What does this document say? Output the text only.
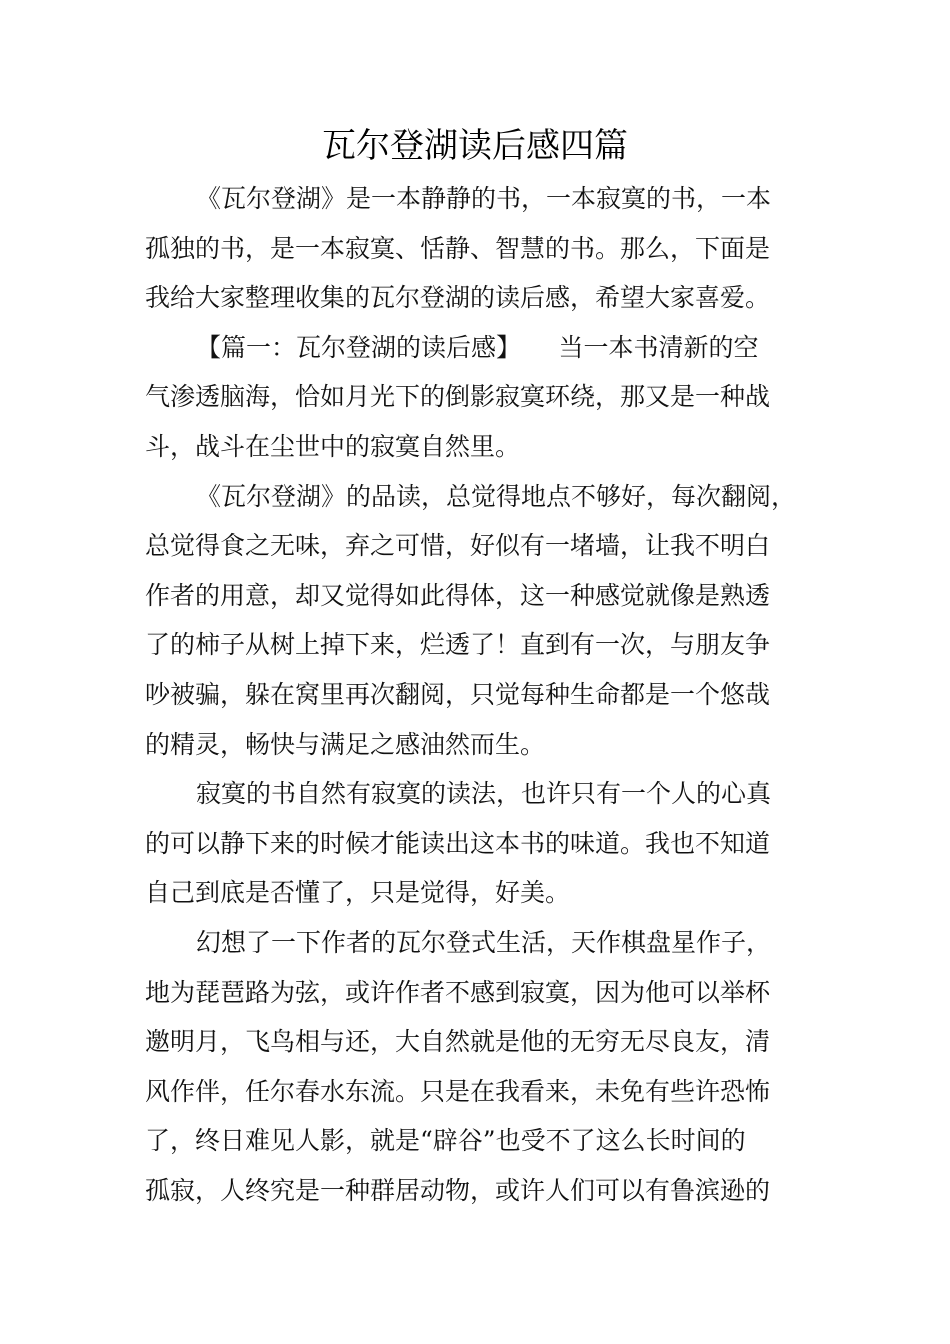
瓦尔登湖读后感四篇
《瓦尔登湖》是一本静静的书，一本寂寞的书，一本
孤独的书，是一本寂寞、恬静、智慧的书。那么，下面是
我给大家整理收集的瓦尔登湖的读后感，希望大家喜爱。
【篇一：瓦尔登湖的读后感】　　当一本书清新的空
气渗透脑海，恰如月光下的倒影寂寞环绕，那又是一种战
斗，战斗在尘世中的寂寞自然里。
《瓦尔登湖》的品读，总觉得地点不够好，每次翻阅，
总觉得食之无味，弃之可惜，好似有一堵墙，让我不明白
作者的用意，却又觉得如此得体，这一种感觉就像是熟透
了的柿子从树上掉下来，烂透了！直到有一次，与朋友争
吵被骗，躲在窝里再次翻阅，只觉每种生命都是一个悠哉
的精灵，畅快与满足之感油然而生。
寂寞的书自然有寂寞的读法，也许只有一个人的心真
的可以静下来的时候才能读出这本书的味道。我也不知道
自己到底是否懂了，只是觉得，好美。
幻想了一下作者的瓦尔登式生活，天作棋盘星作子，
地为琵琶路为弦，或许作者不感到寂寞，因为他可以举杯
邀明月，飞鸟相与还，大自然就是他的无穷无尽良友，清
风作伴，任尔春水东流。只是在我看来，未免有些许恐怖
了，终日难见人影，就是“辟谷”也受不了这么长时间的
孤寂，人终究是一种群居动物，或许人们可以有鲁滨逊的
